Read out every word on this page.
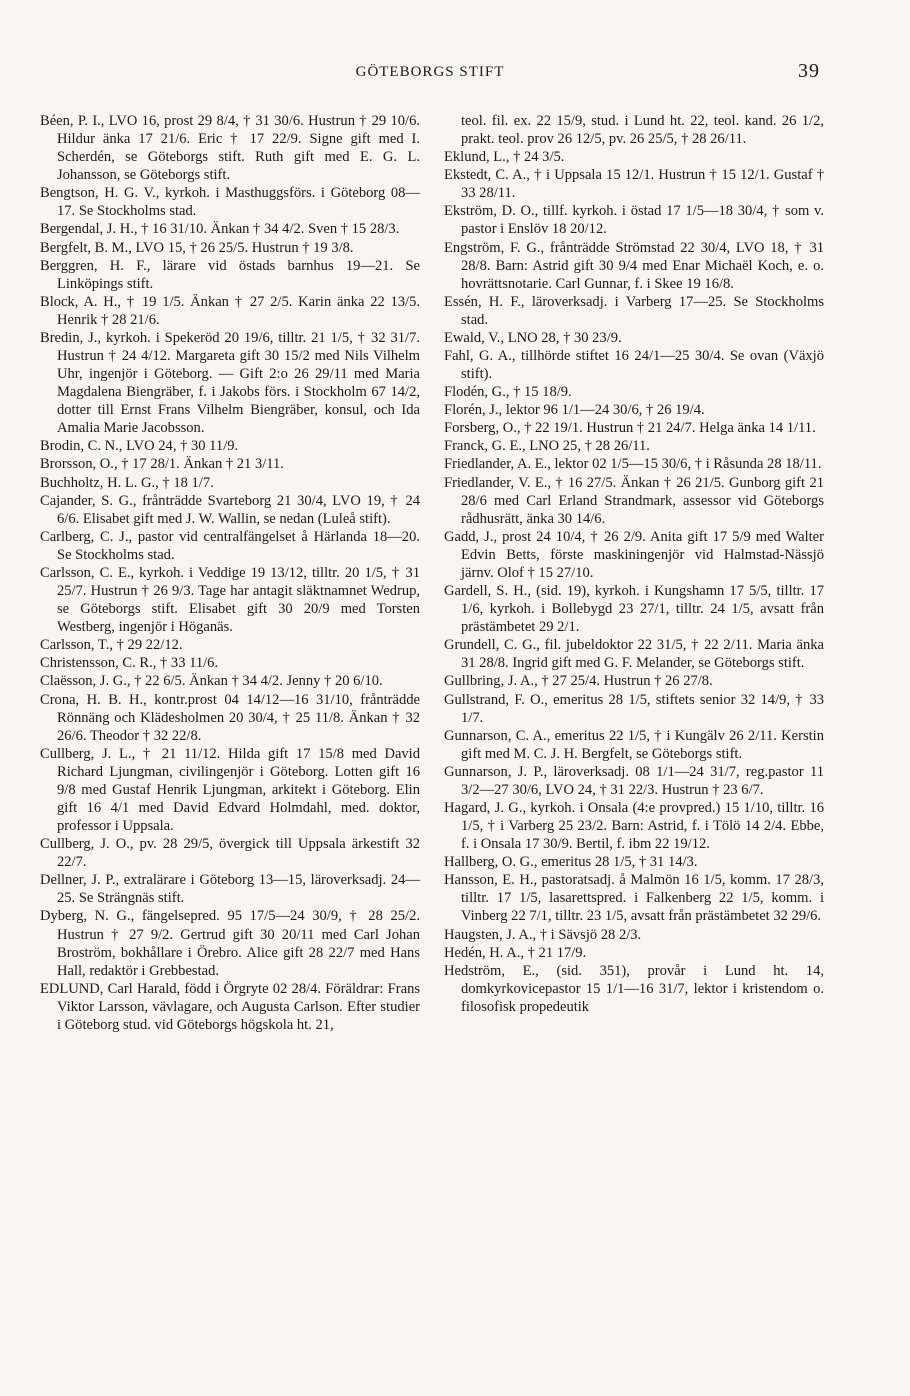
GÖTEBORGS STIFT	39

Béen, P. I., LVO 16, prost 29 8/4, † 31 30/6. Hustrun † 29 10/6. Hildur änka 17 21/6. Eric † 17 22/9. Signe gift med I. Scherdén, se Göteborgs stift. Ruth gift med E. G. L. Johansson, se Göteborgs stift.

Bengtson, H. G. V., kyrkoh. i Masthuggsförs. i Göteborg 08—17. Se Stockholms stad.

Bergendal, J. H., † 16 31/10. Änkan † 34 4/2. Sven † 15 28/3.

Bergfelt, B. M., LVO 15, † 26 25/5. Hustrun † 19 3/8.

Berggren, H. F., lärare vid östads barnhus 19—21. Se Linköpings stift.

Block, A. H., † 19 1/5. Änkan † 27 2/5. Karin änka 22 13/5. Henrik † 28 21/6.

Bredin, J., kyrkoh. i Spekeröd 20 19/6, tilltr. 21 1/5, † 32 31/7. Hustrun † 24 4/12. Margareta gift 30 15/2 med Nils Vilhelm Uhr, ingenjör i Göteborg. — Gift 2:o 26 29/11 med Maria Magdalena Biengräber, f. i Jakobs förs. i Stockholm 67 14/2, dotter till Ernst Frans Vilhelm Biengräber, konsul, och Ida Amalia Marie Jacobsson.

Brodin, C. N., LVO 24, † 30 11/9.

Brorsson, O., † 17 28/1. Änkan † 21 3/11.

Buchholtz, H. L. G., † 18 1/7.

Cajander, S. G., frånträdde Svarteborg 21 30/4, LVO 19, † 24 6/6. Elisabet gift med J. W. Wallin, se nedan (Luleå stift).

Carlberg, C. J., pastor vid centralfängelset å Härlanda 18—20. Se Stockholms stad.

Carlsson, C. E., kyrkoh. i Veddige 19 13/12, tilltr. 20 1/5, † 31 25/7. Hustrun † 26 9/3. Tage har antagit släktnamnet Wedrup, se Göteborgs stift. Elisabet gift 30 20/9 med Torsten Westberg, ingenjör i Höganäs.

Carlsson, T., † 29 22/12.

Christensson, C. R., † 33 11/6.

Claësson, J. G., † 22 6/5. Änkan † 34 4/2. Jenny † 20 6/10.

Crona, H. B. H., kontr.prost 04 14/12—16 31/10, frånträdde Rönnäng och Klädesholmen 20 30/4, † 25 11/8. Änkan † 32 26/6. Theodor † 32 22/8.

Cullberg, J. L., † 21 11/12. Hilda gift 17 15/8 med David Richard Ljungman, civilingenjör i Göteborg. Lotten gift 16 9/8 med Gustaf Henrik Ljungman, arkitekt i Göteborg. Elin gift 16 4/1 med David Edvard Holmdahl, med. doktor, professor i Uppsala.

Cullberg, J. O., pv. 28 29/5, övergick till Uppsala ärkestift 32 22/7.

Dellner, J. P., extralärare i Göteborg 13—15, läroverksadj. 24—25. Se Strängnäs stift.

Dyberg, N. G., fängelsepred. 95 17/5—24 30/9, † 28 25/2. Hustrun † 27 9/2. Gertrud gift 30 20/11 med Carl Johan Broström, bokhållare i Örebro. Alice gift 28 22/7 med Hans Hall, redaktör i Grebbestad.

EDLUND, Carl Harald, född i Örgryte 02 28/4. Föräldrar: Frans Viktor Larsson, vävlagare, och Augusta Carlson. Efter studier i Göteborg stud. vid Göteborgs högskola ht. 21,

teol. fil. ex. 22 15/9, stud. i Lund ht. 22, teol. kand. 26 1/2, prakt. teol. prov 26 12/5, pv. 26 25/5, † 28 26/11.

Eklund, L., † 24 3/5.

Ekstedt, C. A., † i Uppsala 15 12/1. Hustrun † 15 12/1. Gustaf † 33 28/11.

Ekström, D. O., tillf. kyrkoh. i östad 17 1/5—18 30/4, † som v. pastor i Enslöv 18 20/12.

Engström, F. G., frånträdde Strömstad 22 30/4, LVO 18, † 31 28/8. Barn: Astrid gift 30 9/4 med Enar Michaël Koch, e. o. hovrättsnotarie. Carl Gunnar, f. i Skee 19 16/8.

Essén, H. F., läroverksadj. i Varberg 17—25. Se Stockholms stad.

Ewald, V., LNO 28, † 30 23/9.

Fahl, G. A., tillhörde stiftet 16 24/1—25 30/4. Se ovan (Växjö stift).

Flodén, G., † 15 18/9.

Florén, J., lektor 96 1/1—24 30/6, † 26 19/4.

Forsberg, O., † 22 19/1. Hustrun † 21 24/7. Helga änka 14 1/11.

Franck, G. E., LNO 25, † 28 26/11.

Friedlander, A. E., lektor 02 1/5—15 30/6, † i Råsunda 28 18/11.

Friedlander, V. E., † 16 27/5. Änkan † 26 21/5. Gunborg gift 21 28/6 med Carl Erland Strandmark, assessor vid Göteborgs rådhusrätt, änka 30 14/6.

Gadd, J., prost 24 10/4, † 26 2/9. Anita gift 17 5/9 med Walter Edvin Betts, förste maskiningenjör vid Halmstad-Nässjö järnv. Olof † 15 27/10.

Gardell, S. H., (sid. 19), kyrkoh. i Kungshamn 17 5/5, tilltr. 17 1/6, kyrkoh. i Bollebygd 23 27/1, tilltr. 24 1/5, avsatt från prästämbetet 29 2/1.

Grundell, C. G., fil. jubeldoktor 22 31/5, † 22 2/11. Maria änka 31 28/8. Ingrid gift med G. F. Melander, se Göteborgs stift.

Gullbring, J. A., † 27 25/4. Hustrun † 26 27/8.

Gullstrand, F. O., emeritus 28 1/5, stiftets senior 32 14/9, † 33 1/7.

Gunnarson, C. A., emeritus 22 1/5, † i Kungälv 26 2/11. Kerstin gift med M. C. J. H. Bergfelt, se Göteborgs stift.

Gunnarson, J. P., läroverksadj. 08 1/1—24 31/7, reg.pastor 11 3/2—27 30/6, LVO 24, † 31 22/3. Hustrun † 23 6/7.

Hagard, J. G., kyrkoh. i Onsala (4:e provpred.) 15 1/10, tilltr. 16 1/5, † i Varberg 25 23/2. Barn: Astrid, f. i Tölö 14 2/4. Ebbe, f. i Onsala 17 30/9. Bertil, f. ibm 22 19/12.

Hallberg, O. G., emeritus 28 1/5, † 31 14/3.

Hansson, E. H., pastoratsadj. å Malmön 16 1/5, komm. 17 28/3, tilltr. 17 1/5, lasarettspred. i Falkenberg 22 1/5, komm. i Vinberg 22 7/1, tilltr. 23 1/5, avsatt från prästämbetet 32 29/6.

Haugsten, J. A., † i Sävsjö 28 2/3.

Hedén, H. A., † 21 17/9.

Hedström, E., (sid. 351), provår i Lund ht. 14, domkyrkovicepastor 15 1/1—16 31/7, lektor i kristendom o. filosofisk propedeutik
